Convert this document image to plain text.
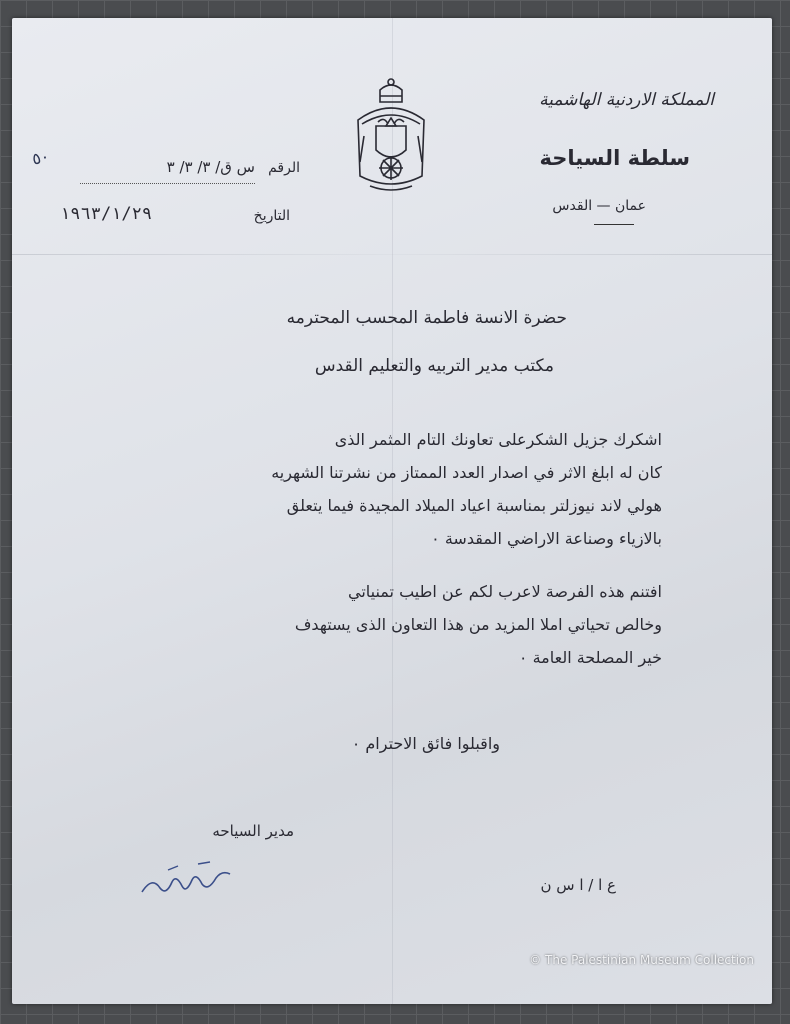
المملكة الاردنية الهاشمية
سلطة السياحة
عمان — القدس
٥٠	الرقم
س ق/ ٣/ ٣/ ٣
التاريخ
١٩٦٣/١/٢٩
حضرة الانسة فاطمة المحسب المحترمه
مكتب مدير التربيه والتعليم القدس
اشكرك جزيل الشكرعلى تعاونك التام المثمر الذى
كان له ابلغ الاثر في اصدار العدد الممتاز من نشرتنا الشهريه
هولي لاند نيوزلتر بمناسبة اعياد الميلاد المجيدة فيما يتعلق
بالازياء وصناعة الاراضي المقدسة ٠
افتنم هذه الفرصة لاعرب لكم عن اطيب تمنياتي
وخالص تحياتي املا المزيد من هذا التعاون الذى يستهدف
خير المصلحة العامة ٠
واقبلوا فائق الاحترام ٠
مدير السياحه
ع ا / ا س ن
© The Palestinian Museum Collection
